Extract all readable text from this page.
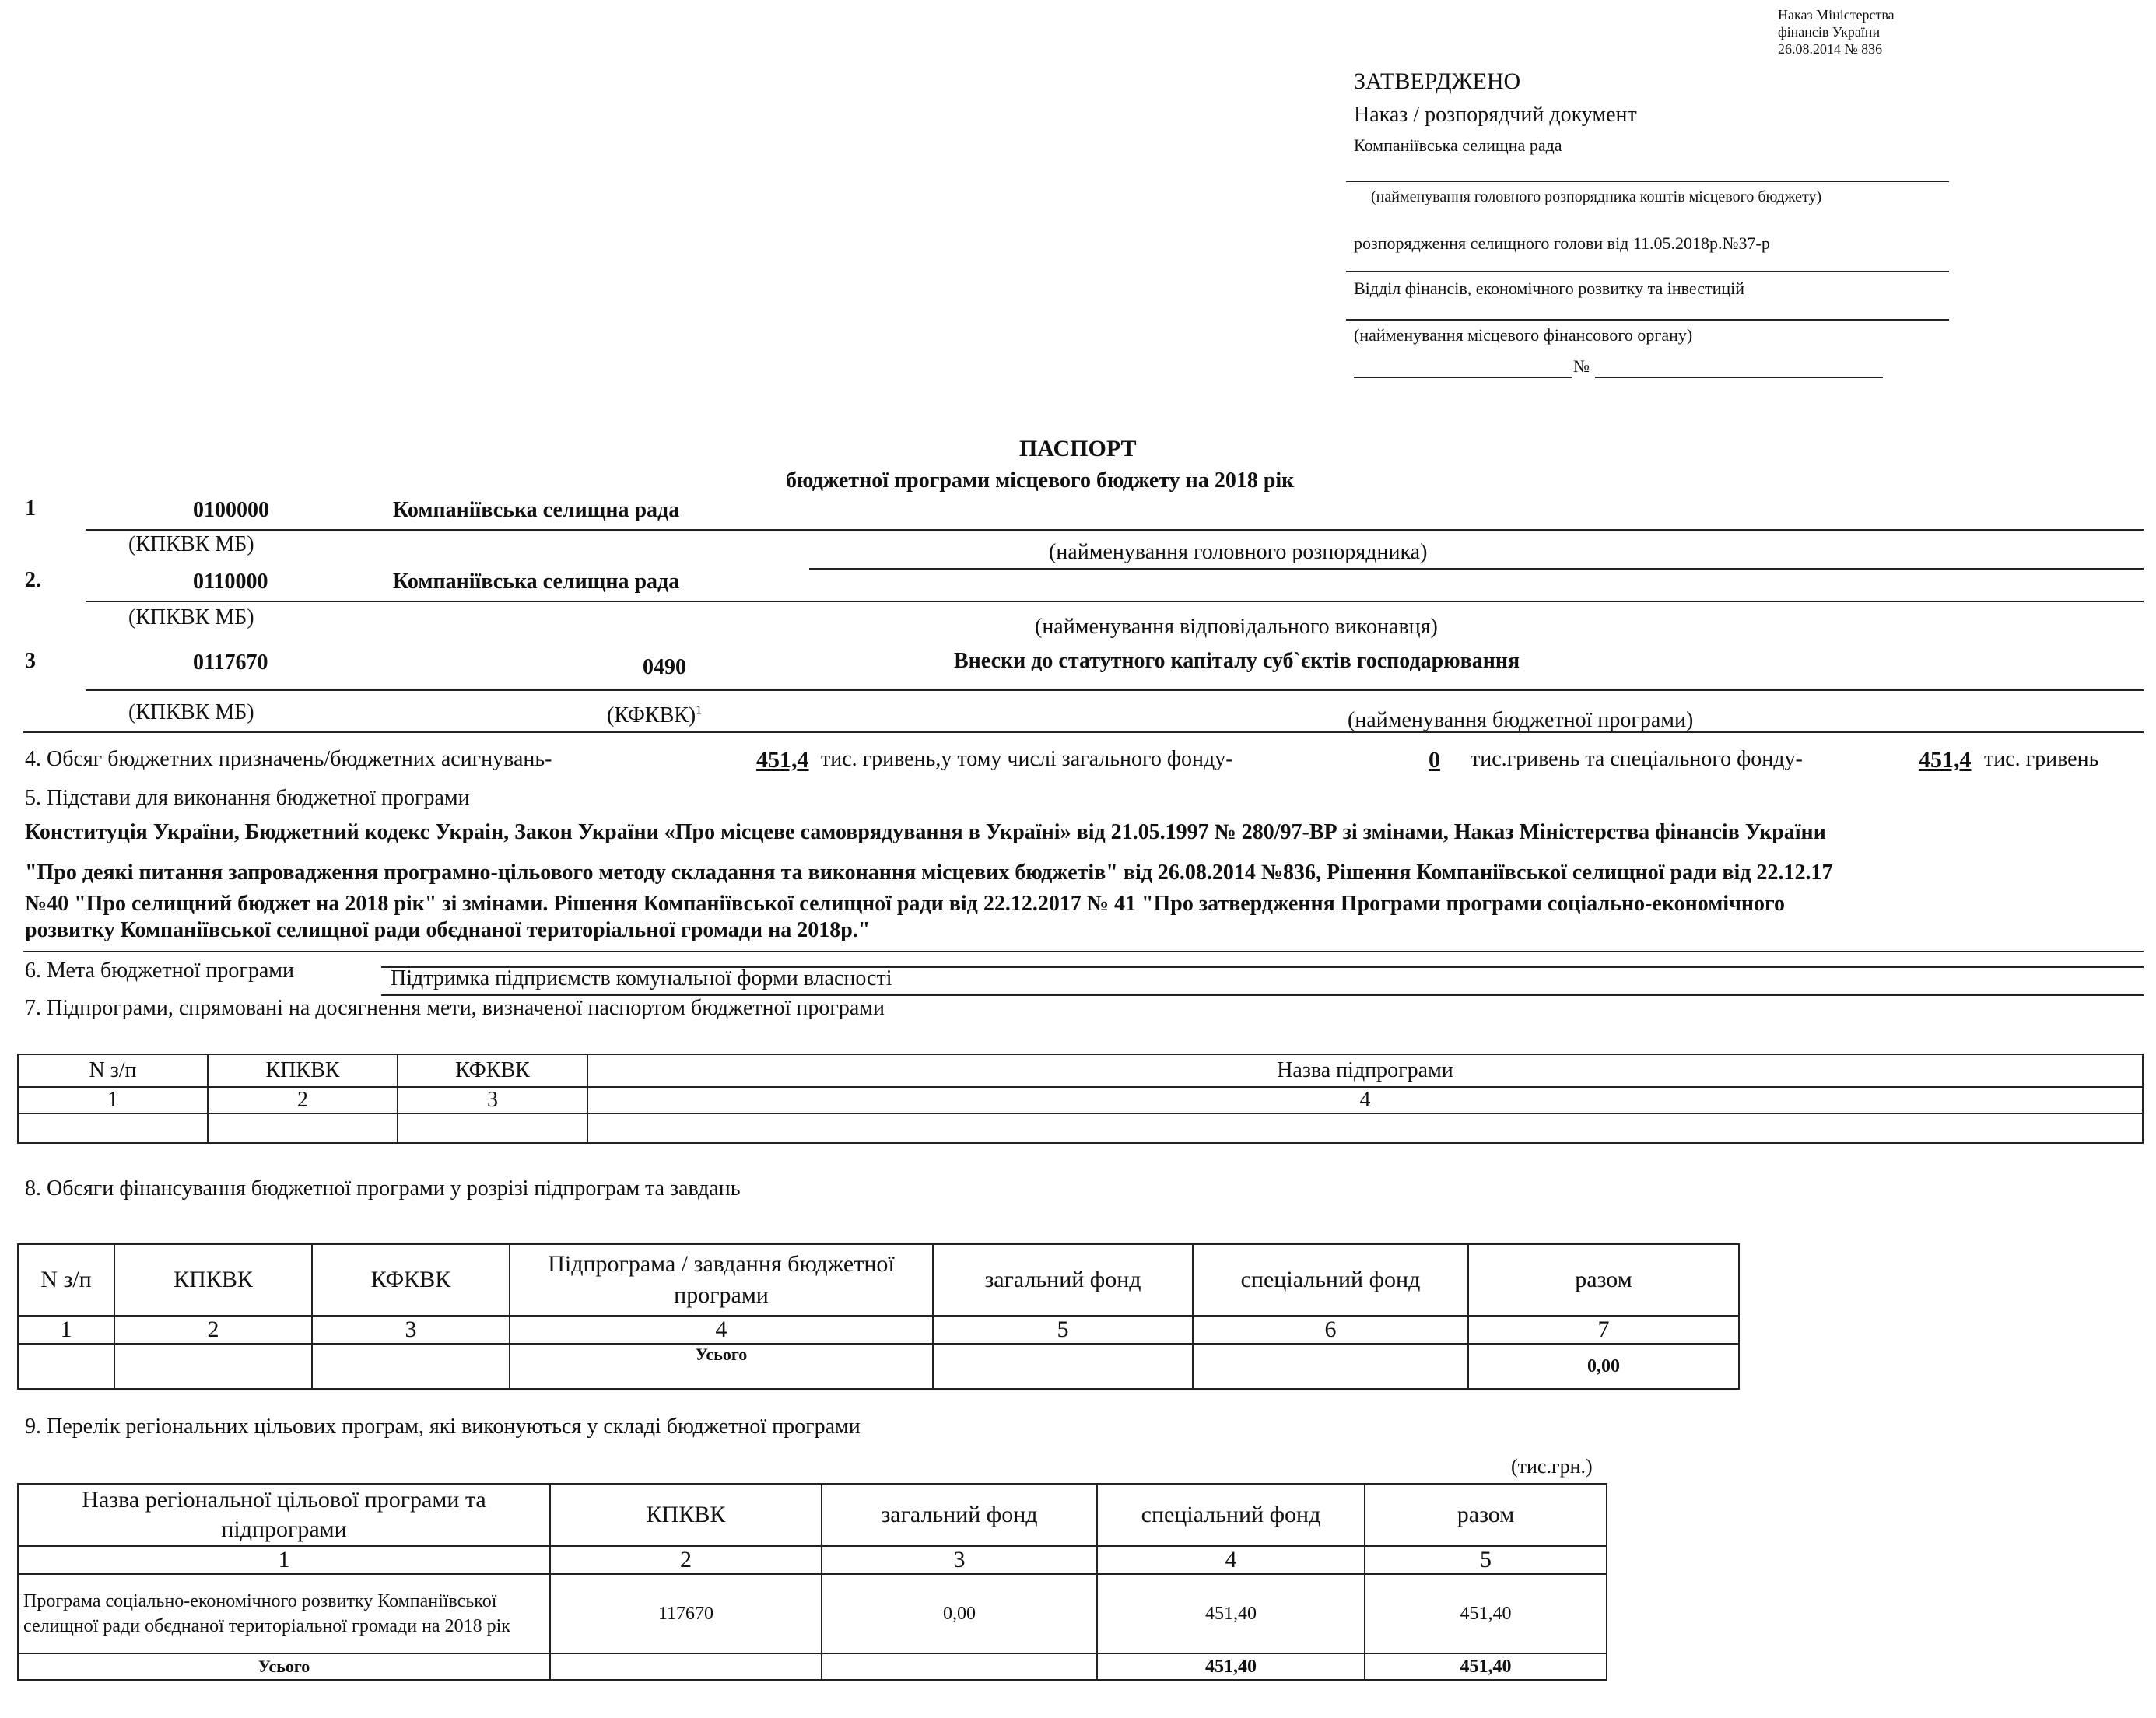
Наказ Міністерства
фінансів України
26.08.2014 № 836
ЗАТВЕРДЖЕНО
Наказ / розпорядчий документ
Компаніївська селищна рада
(найменування головного розпорядника коштів місцевого бюджету)
розпорядження селищного голови від 11.05.2018р.№37-р
Відділ фінансів, економічного розвитку та інвестицій
(найменування місцевого фінансового органу)
№
ПАСПОРТ
бюджетної програми місцевого бюджету на 2018 рік
1	0100000	Компаніївська селищна рада
(КПКВК МБ)	(найменування головного розпорядника)
2.	0110000	Компаніївська селищна рада
(КПКВК МБ)	(найменування відповідального виконавця)
3	0117670	0490	Внески до статутного капіталу суб`єктів господарювання
(КПКВК МБ)	(КФКВК)$^1$	(найменування бюджетної програми)
4. Обсяг бюджетних призначень/бюджетних асигнувань-	451,4 тис. гривень,у тому числі загального фонду-	0 тис.гривень та спеціального фонду-	451,4 тис. гривень
5. Підстави для виконання бюджетної програми
Конституція України, Бюджетний кодекс Украін, Закон України «Про місцеве самоврядування в Україні» від 21.05.1997 № 280/97-ВР зі змінами, Наказ Міністерства фінансів України
"Про деякі питання запровадження програмно-цільового методу складання та виконання місцевих бюджетів" від 26.08.2014 №836, Рішення Компаніївської селищної ради від 22.12.17
№40 "Про селищний бюджет на 2018 рік" зі змінами. Рішення Компаніївської селищної ради від 22.12.2017 № 41 "Про затвердження Програми програми соціально-економічного
розвитку Компаніївської селищної ради обєднаної територіальної громади на 2018р."
6. Мета бюджетної програми	Підтримка підприємств комунальної форми власності
7. Підпрограми, спрямовані на досягнення мети, визначеної паспортом бюджетної програми
N з/п	КПКВК	КФКВК	Назва підпрограми
1	2	3	4

8. Обсяги фінансування бюджетної програми у розрізі підпрограм та завдань
N з/п	КПКВК	КФКВК	Підпрограма / завдання бюджетної програми	загальний фонд	спеціальний фонд	разом
1	2	3	4	5	6	7
			Усього			0,00
9. Перелік регіональних цільових програм, які виконуються у складі бюджетної програми
(тис.грн.)
Назва регіональної цільової програми та підпрограми	КПКВК	загальний фонд	спеціальний фонд	разом
1	2	3	4	5
Програма соціально-економічного розвитку Компаніївської селищної ради обєднаної територіальної громади на 2018 рік	117670	0,00	451,40	451,40
Усього			451,40	451,40
